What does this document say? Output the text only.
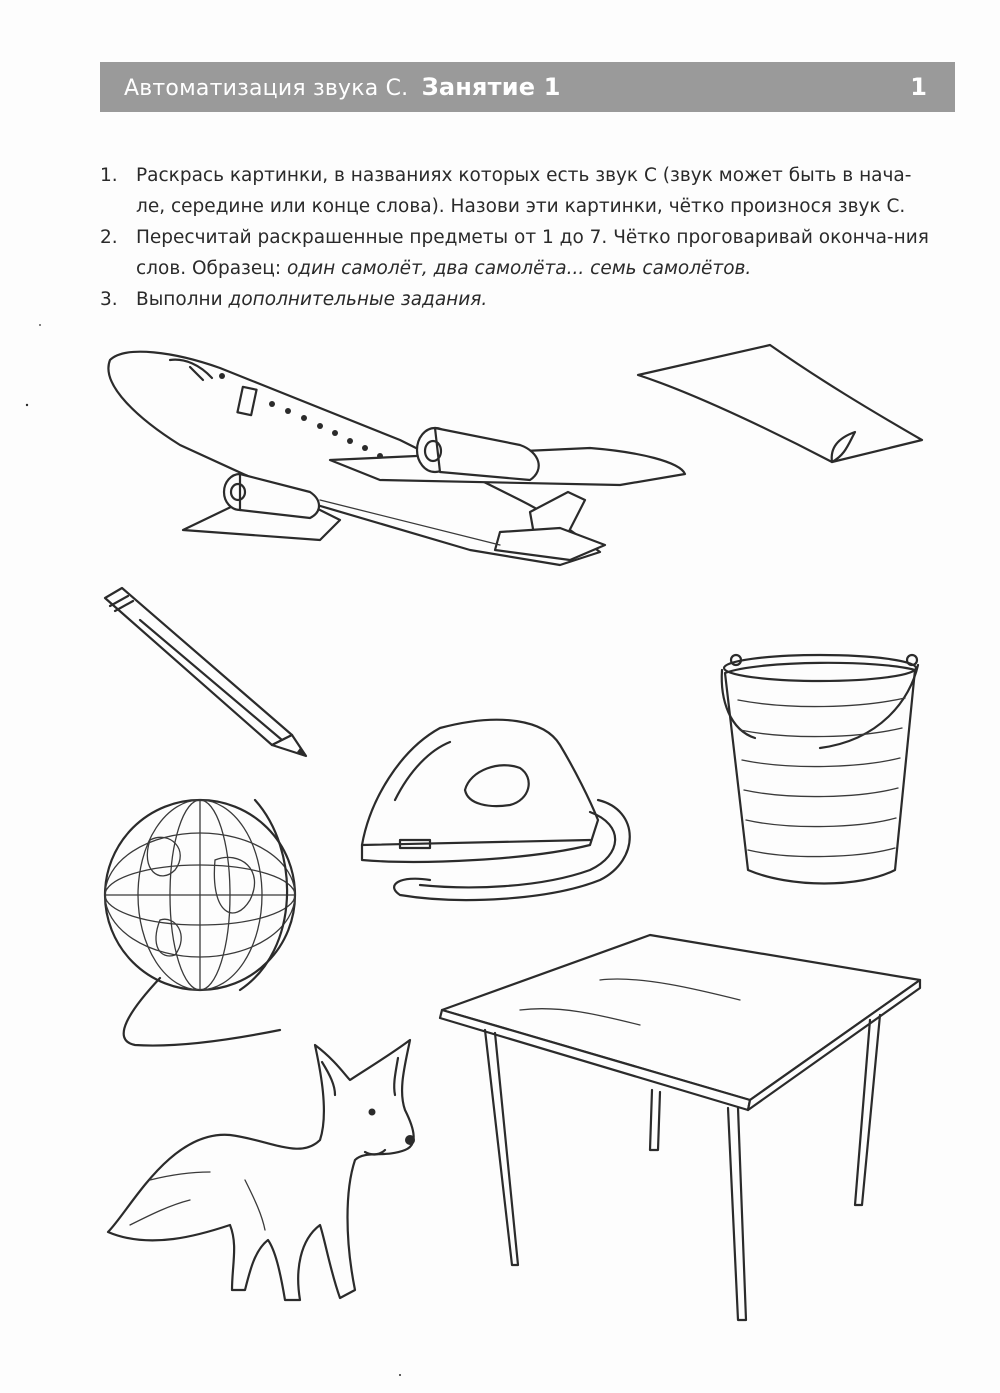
Автоматизация звука С. Занятие 1	1
1. Раскрась картинки, в названиях которых есть звук С (звук может быть в нача-ле, середине или конце слова). Назови эти картинки, чётко произнося звук С.
2. Пересчитай раскрашенные предметы от 1 до 7. Чётко проговаривай оконча-ния слов. Образец: один самолёт, два самолёта... семь самолётов.
3. Выполни дополнительные задания.
